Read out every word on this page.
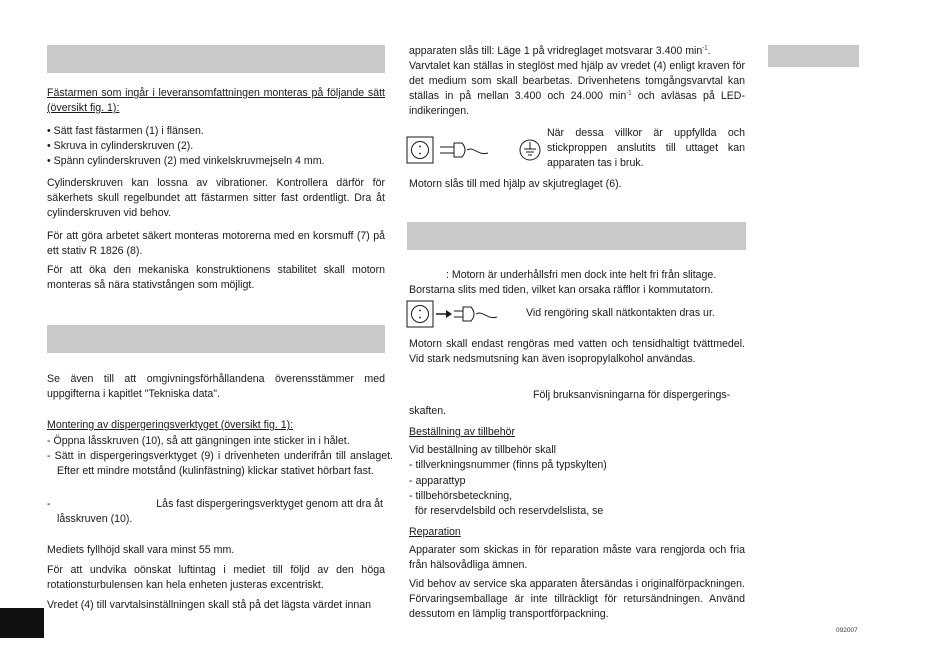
Fästarmen som ingår i leveransomfattningen monteras på följande sätt (översikt fig. 1):

• Sätt fast fästarmen (1) i flänsen.

• Skruva in cylinderskruven (2).

• Spänn cylinderskruven (2) med vinkelskruvmejseln 4 mm.

Cylinderskruven kan lossna av vibrationer. Kontrollera därför för säkerhets skull regelbundet att fästarmen sitter fast ordentligt. Dra åt cylinderskruven vid behov.

För att göra arbetet säkert monteras motorerna med en korsmuff (7) på ett stativ R 1826 (8).

För att öka den mekaniska konstruktionens stabilitet skall motorn monteras så nära stativstången som möjligt.

Se även till att omgivningsförhållandena överensstämmer med uppgifterna i kapitlet "Tekniska data".

Montering av dispergeringsverktyget (översikt fig. 1):

- Öppna låsskruven (10), så att gängningen inte sticker in i hålet.

- Sätt in dispergeringsverktyget (9) i drivenheten underifrån till anslaget. Efter ett mindre motstånd (kulinfästning) klickar stativet hörbart fast.

-	Lås fast dispergeringsverktyget genom att dra åt

låsskruven (10).

Mediets fyllhöjd skall vara minst 55 mm.

För att undvika oönskat luftintag i mediet till följd av den höga rotationsturbulensen kan hela enheten justeras excentriskt.

Vredet (4) till varvtalsinställningen skall stå på det lägsta värdet innan

apparaten slås till: Läge 1 på vridreglaget motsvarar 3.400 $\min^{-1}$.

Varvtalet kan ställas in steglöst med hjälp av vredet (4) enligt kraven för det medium som skall bearbetas. Drivenhetens tomgångsvarvtal kan ställas in på mellan 3.400 och 24.000 $\min^{-1}$ och avläsas på LED-indikeringen.

När dessa villkor är uppfyllda och stickproppen anslutits till uttaget kan apparaten tas i bruk.

Motorn slås till med hjälp av skjutreglaget (6).

: Motorn är underhållsfri men dock inte helt fri från slitage.

Borstarna slits med tiden, vilket kan orsaka räfflor i kommutatorn.

Vid rengöring skall nätkontakten dras ur.

Motorn skall endast rengöras med vatten och tensidhaltigt tvättmedel. Vid stark nedsmutsning kan även isopropylalkohol användas.

Följ bruksanvisningarna för dispergerings-

skaften.

Beställning av tillbehör

Vid beställning av tillbehör skall

- tillverkningsnummer (finns på typskylten)

- apparattyp

- tillbehörsbeteckning,

för reservdelsbild och reservdelslista, se

Reparation

Apparater som skickas in för reparation måste vara rengjorda och fria från hälsovådliga ämnen.

Vid behov av service ska apparaten återsändas i originalförpackningen. Förvaringsemballage är inte tillräckligt för retursändningen. Använd dessutom en lämplig transportförpackning.

092007
